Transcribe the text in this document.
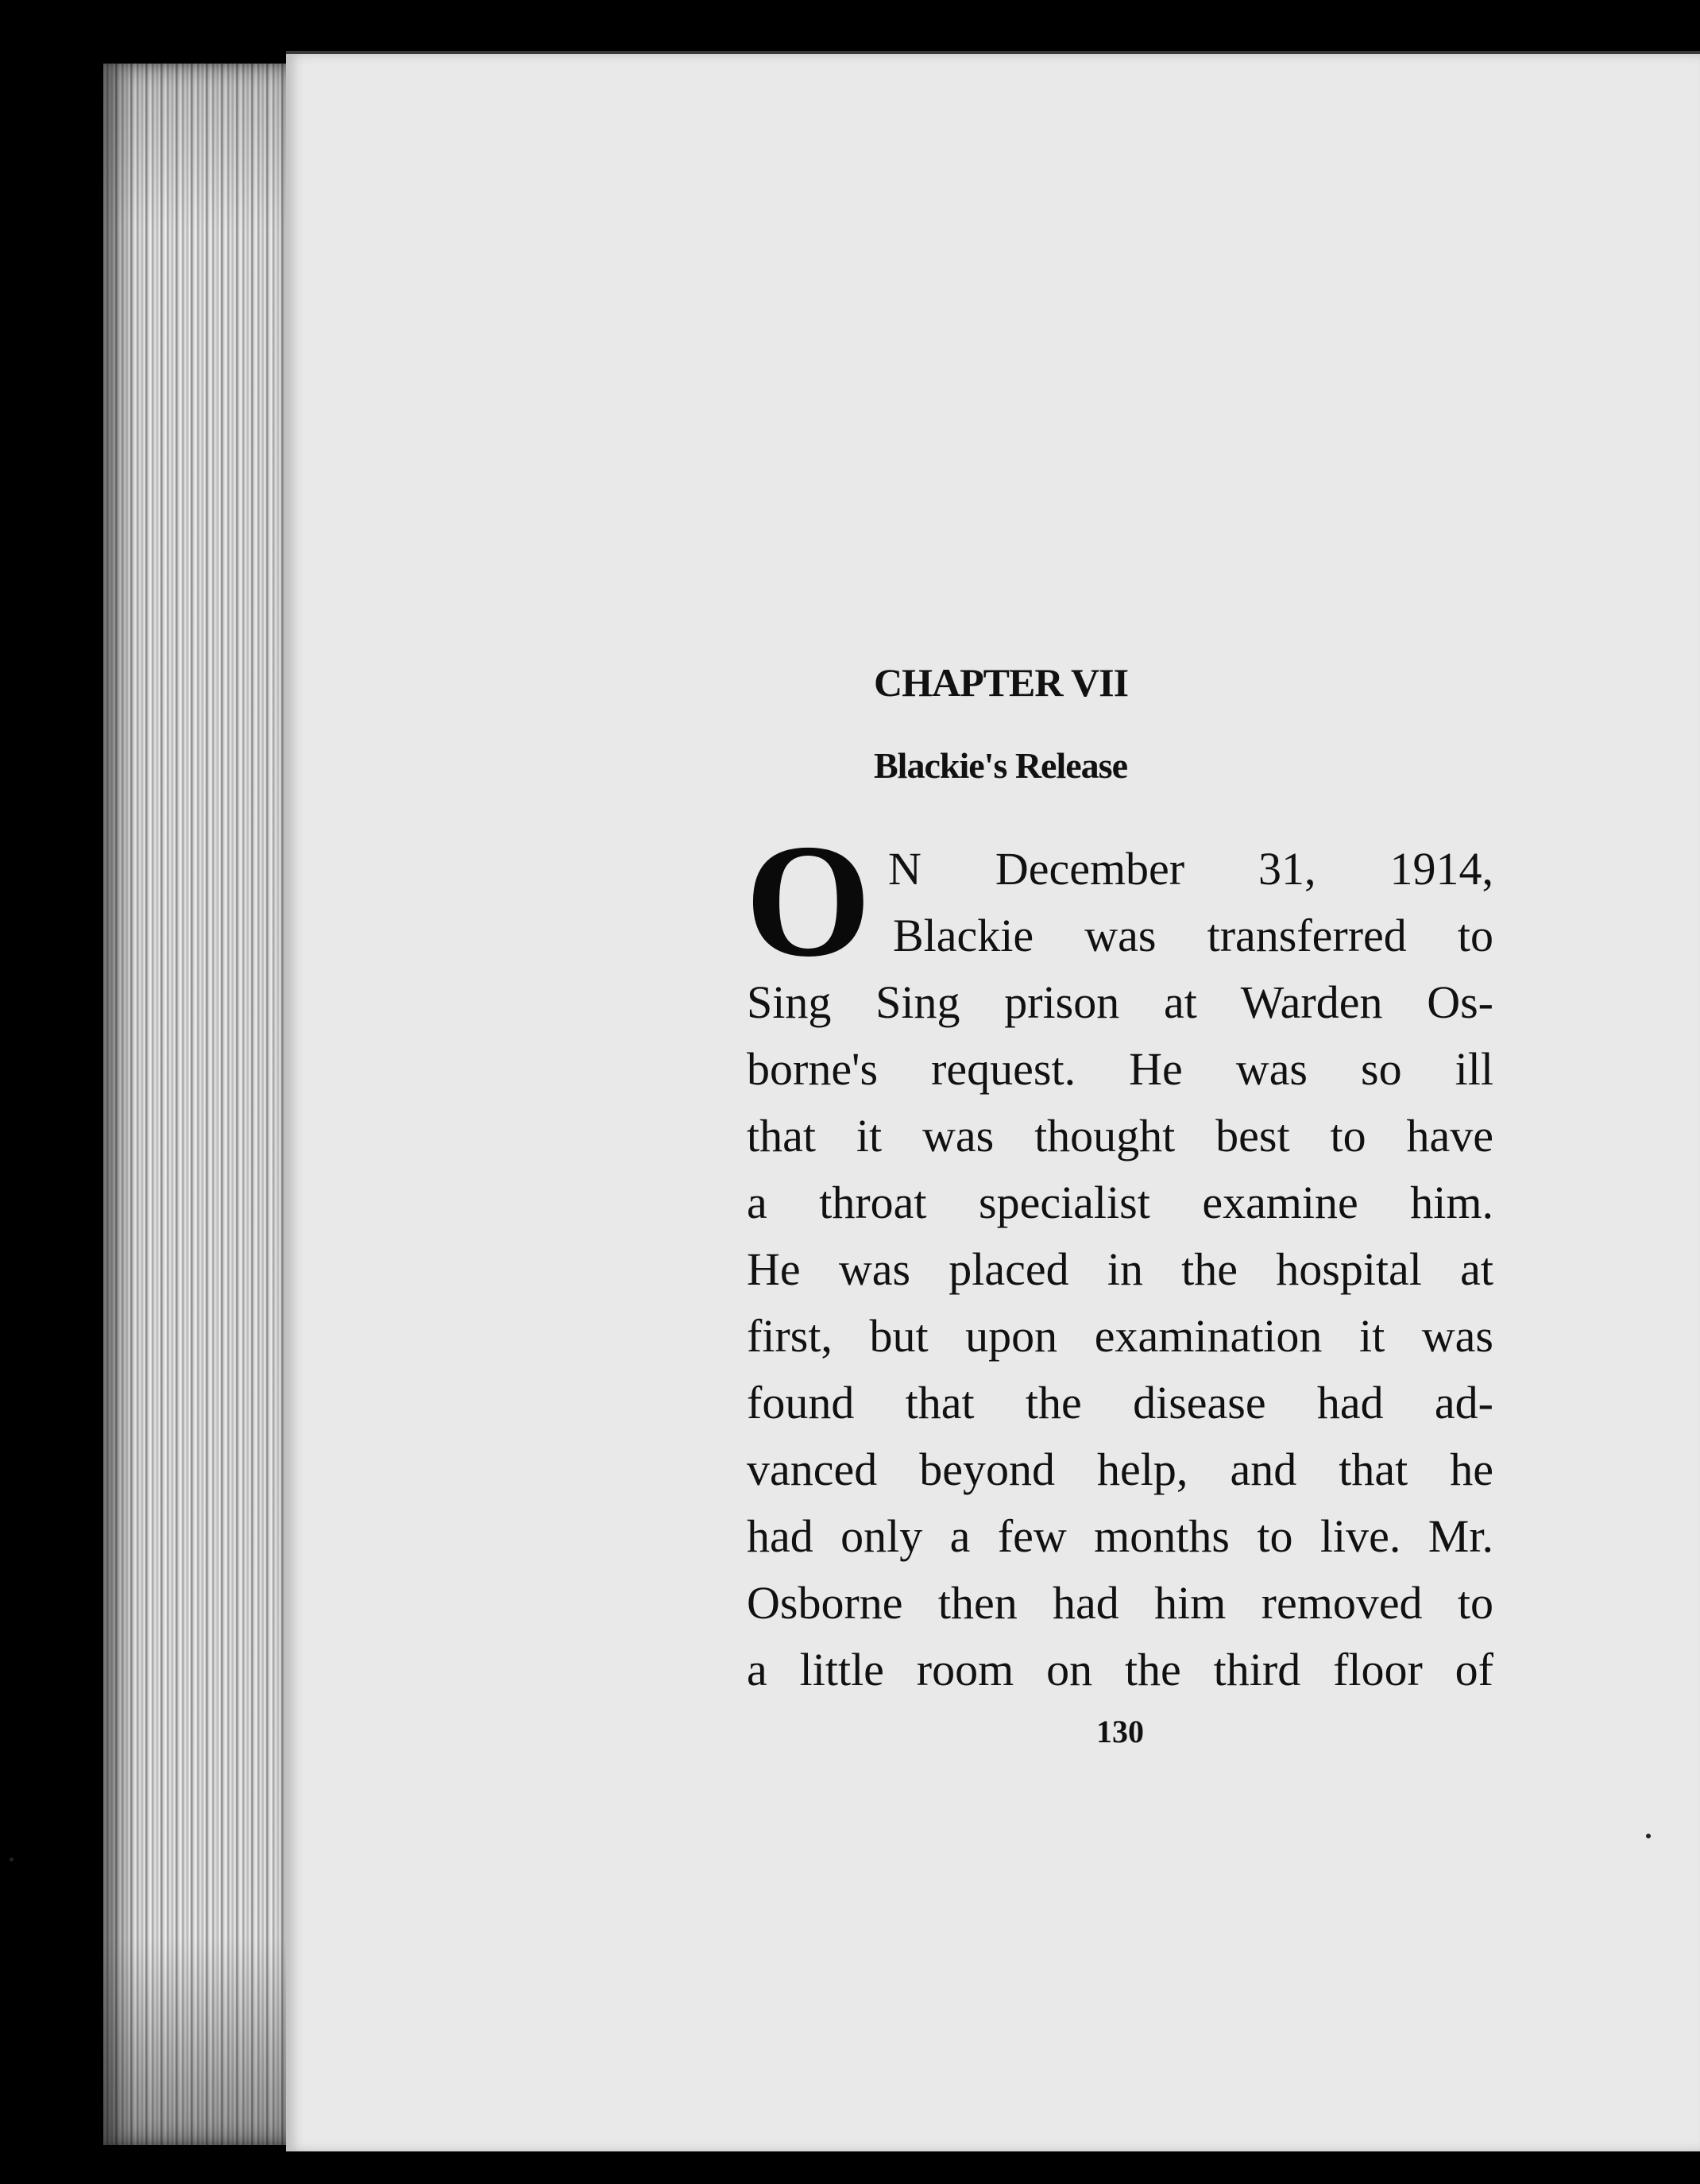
CHAPTER VII
Blackie's Release
O N December 31, 1914,
Blackie was transferred to
Sing Sing prison at Warden Os-
borne's request. He was so ill
that it was thought best to have
a throat specialist examine him.
He was placed in the hospital at
first, but upon examination it was
found that the disease had ad-
vanced beyond help, and that he
had only a few months to live. Mr.
Osborne then had him removed to
a little room on the third floor of
130
